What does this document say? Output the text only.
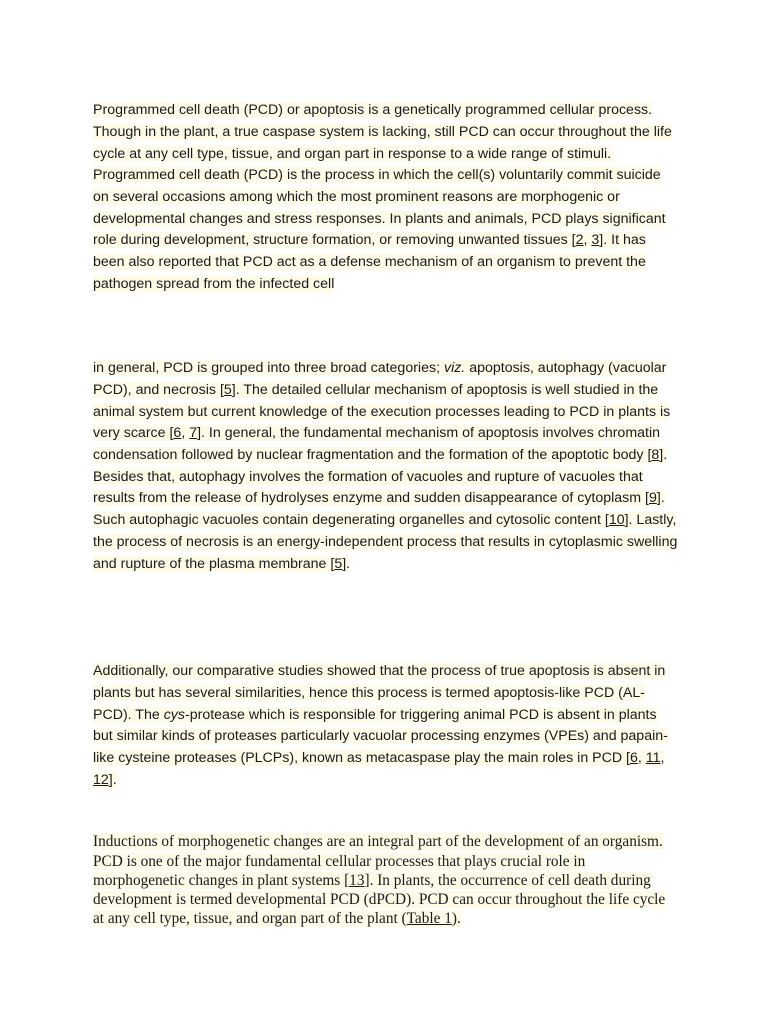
Programmed cell death (PCD) or apoptosis is a genetically programmed cellular process. Though in the plant, a true caspase system is lacking, still PCD can occur throughout the life cycle at any cell type, tissue, and organ part in response to a wide range of stimuli. Programmed cell death (PCD) is the process in which the cell(s) voluntarily commit suicide on several occasions among which the most prominent reasons are morphogenic or developmental changes and stress responses. In plants and animals, PCD plays significant role during development, structure formation, or removing unwanted tissues [2, 3]. It has been also reported that PCD act as a defense mechanism of an organism to prevent the pathogen spread from the infected cell

in general, PCD is grouped into three broad categories; viz. apoptosis, autophagy (vacuolar PCD), and necrosis [5]. The detailed cellular mechanism of apoptosis is well studied in the animal system but current knowledge of the execution processes leading to PCD in plants is very scarce [6, 7]. In general, the fundamental mechanism of apoptosis involves chromatin condensation followed by nuclear fragmentation and the formation of the apoptotic body [8]. Besides that, autophagy involves the formation of vacuoles and rupture of vacuoles that results from the release of hydrolyses enzyme and sudden disappearance of cytoplasm [9]. Such autophagic vacuoles contain degenerating organelles and cytosolic content [10]. Lastly, the process of necrosis is an energy-independent process that results in cytoplasmic swelling and rupture of the plasma membrane [5].

Additionally, our comparative studies showed that the process of true apoptosis is absent in plants but has several similarities, hence this process is termed apoptosis-like PCD (AL-PCD). The cys-protease which is responsible for triggering animal PCD is absent in plants but similar kinds of proteases particularly vacuolar processing enzymes (VPEs) and papain-like cysteine proteases (PLCPs), known as metacaspase play the main roles in PCD [6, 11, 12].

Inductions of morphogenetic changes are an integral part of the development of an organism. PCD is one of the major fundamental cellular processes that plays crucial role in morphogenetic changes in plant systems [13]. In plants, the occurrence of cell death during development is termed developmental PCD (dPCD). PCD can occur throughout the life cycle at any cell type, tissue, and organ part of the plant (Table 1).
